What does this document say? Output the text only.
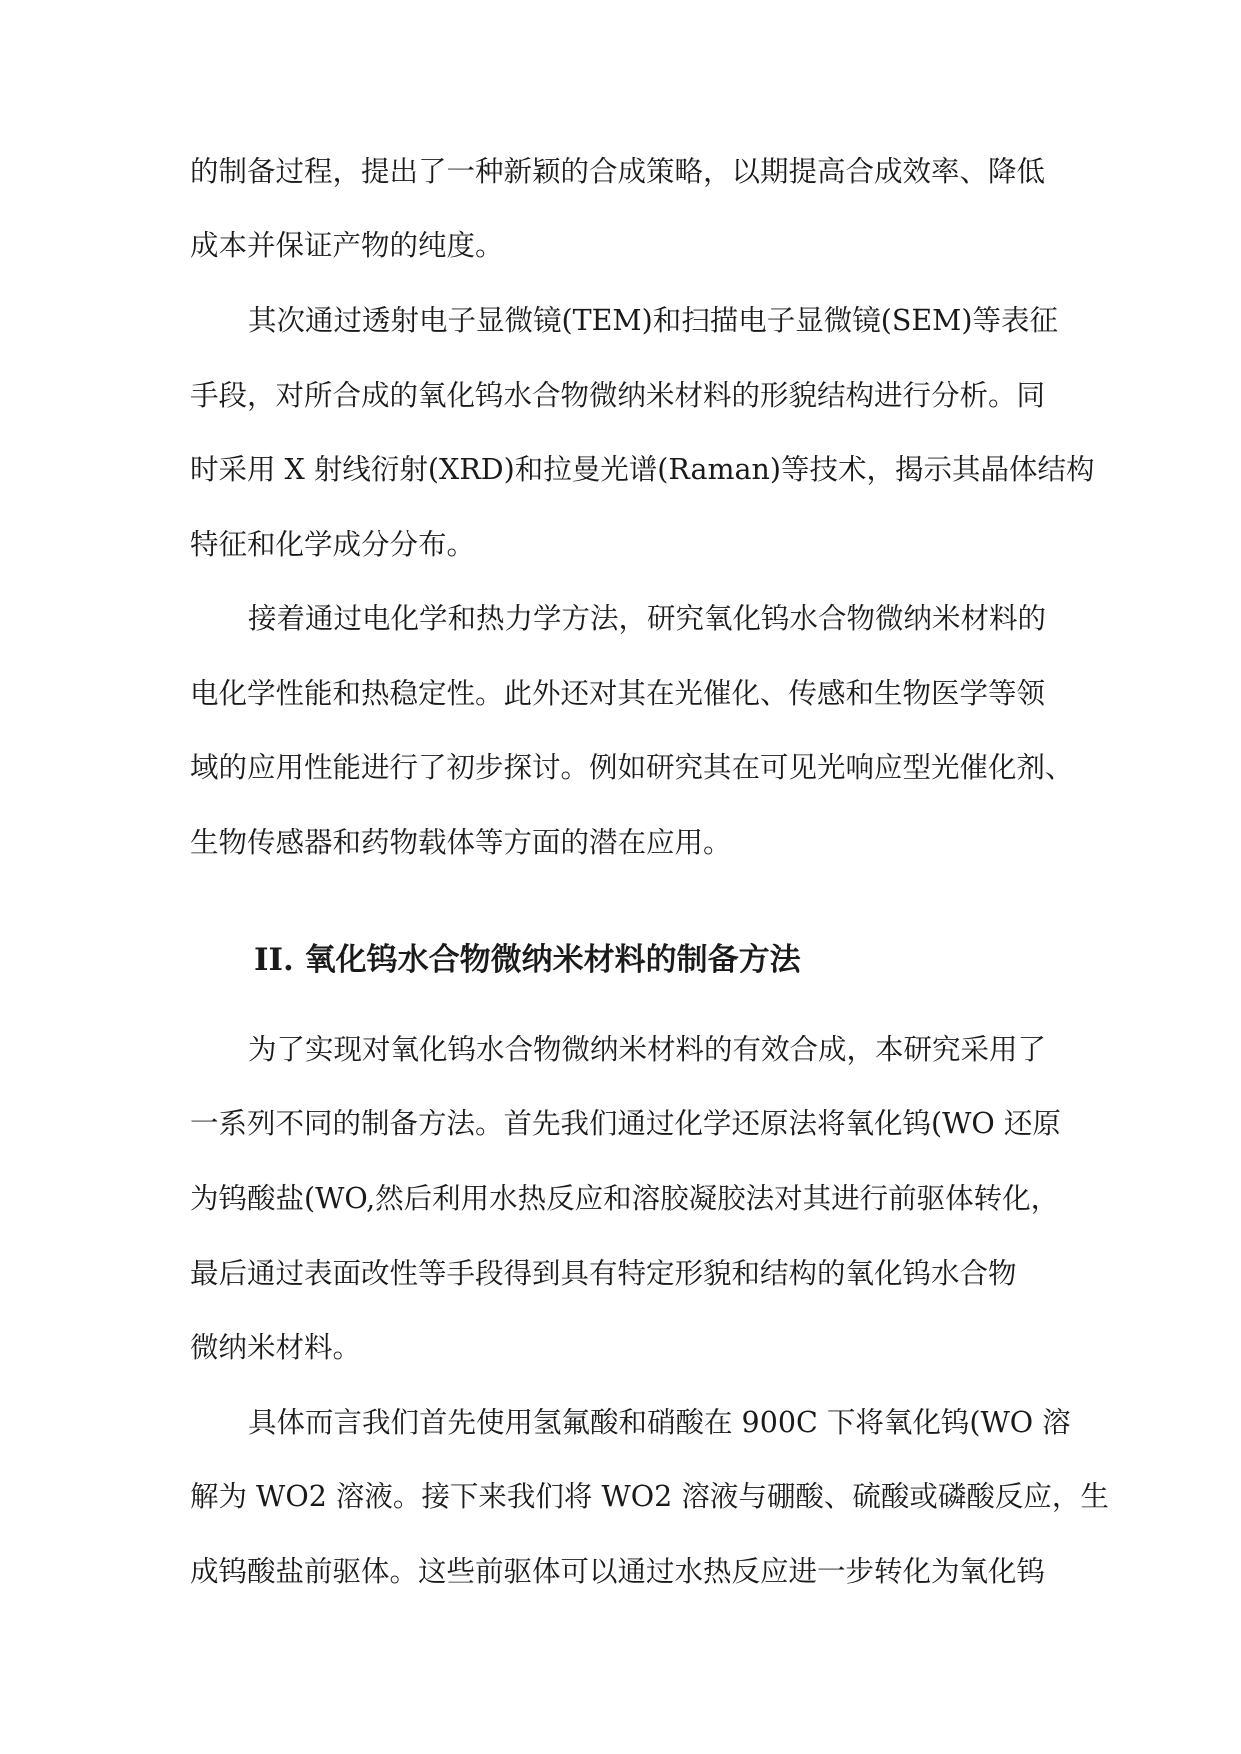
的制备过程，提出了一种新颖的合成策略，以期提高合成效率、降低
成本并保证产物的纯度。
其次通过透射电子显微镜(TEM)和扫描电子显微镜(SEM)等表征
手段，对所合成的氧化钨水合物微纳米材料的形貌结构进行分析。同
时采用 X 射线衍射(XRD)和拉曼光谱(Raman)等技术，揭示其晶体结构
特征和化学成分分布。
接着通过电化学和热力学方法，研究氧化钨水合物微纳米材料的
电化学性能和热稳定性。此外还对其在光催化、传感和生物医学等领
域的应用性能进行了初步探讨。例如研究其在可见光响应型光催化剂、
生物传感器和药物载体等方面的潜在应用。
II. 氧化钨水合物微纳米材料的制备方法
为了实现对氧化钨水合物微纳米材料的有效合成，本研究采用了
一系列不同的制备方法。首先我们通过化学还原法将氧化钨(WO 还原
为钨酸盐(WO,然后利用水热反应和溶胶凝胶法对其进行前驱体转化，
最后通过表面改性等手段得到具有特定形貌和结构的氧化钨水合物
微纳米材料。
具体而言我们首先使用氢氟酸和硝酸在 900C 下将氧化钨(WO 溶
解为 WO2 溶液。接下来我们将 WO2 溶液与硼酸、硫酸或磷酸反应，生
成钨酸盐前驱体。这些前驱体可以通过水热反应进一步转化为氧化钨
